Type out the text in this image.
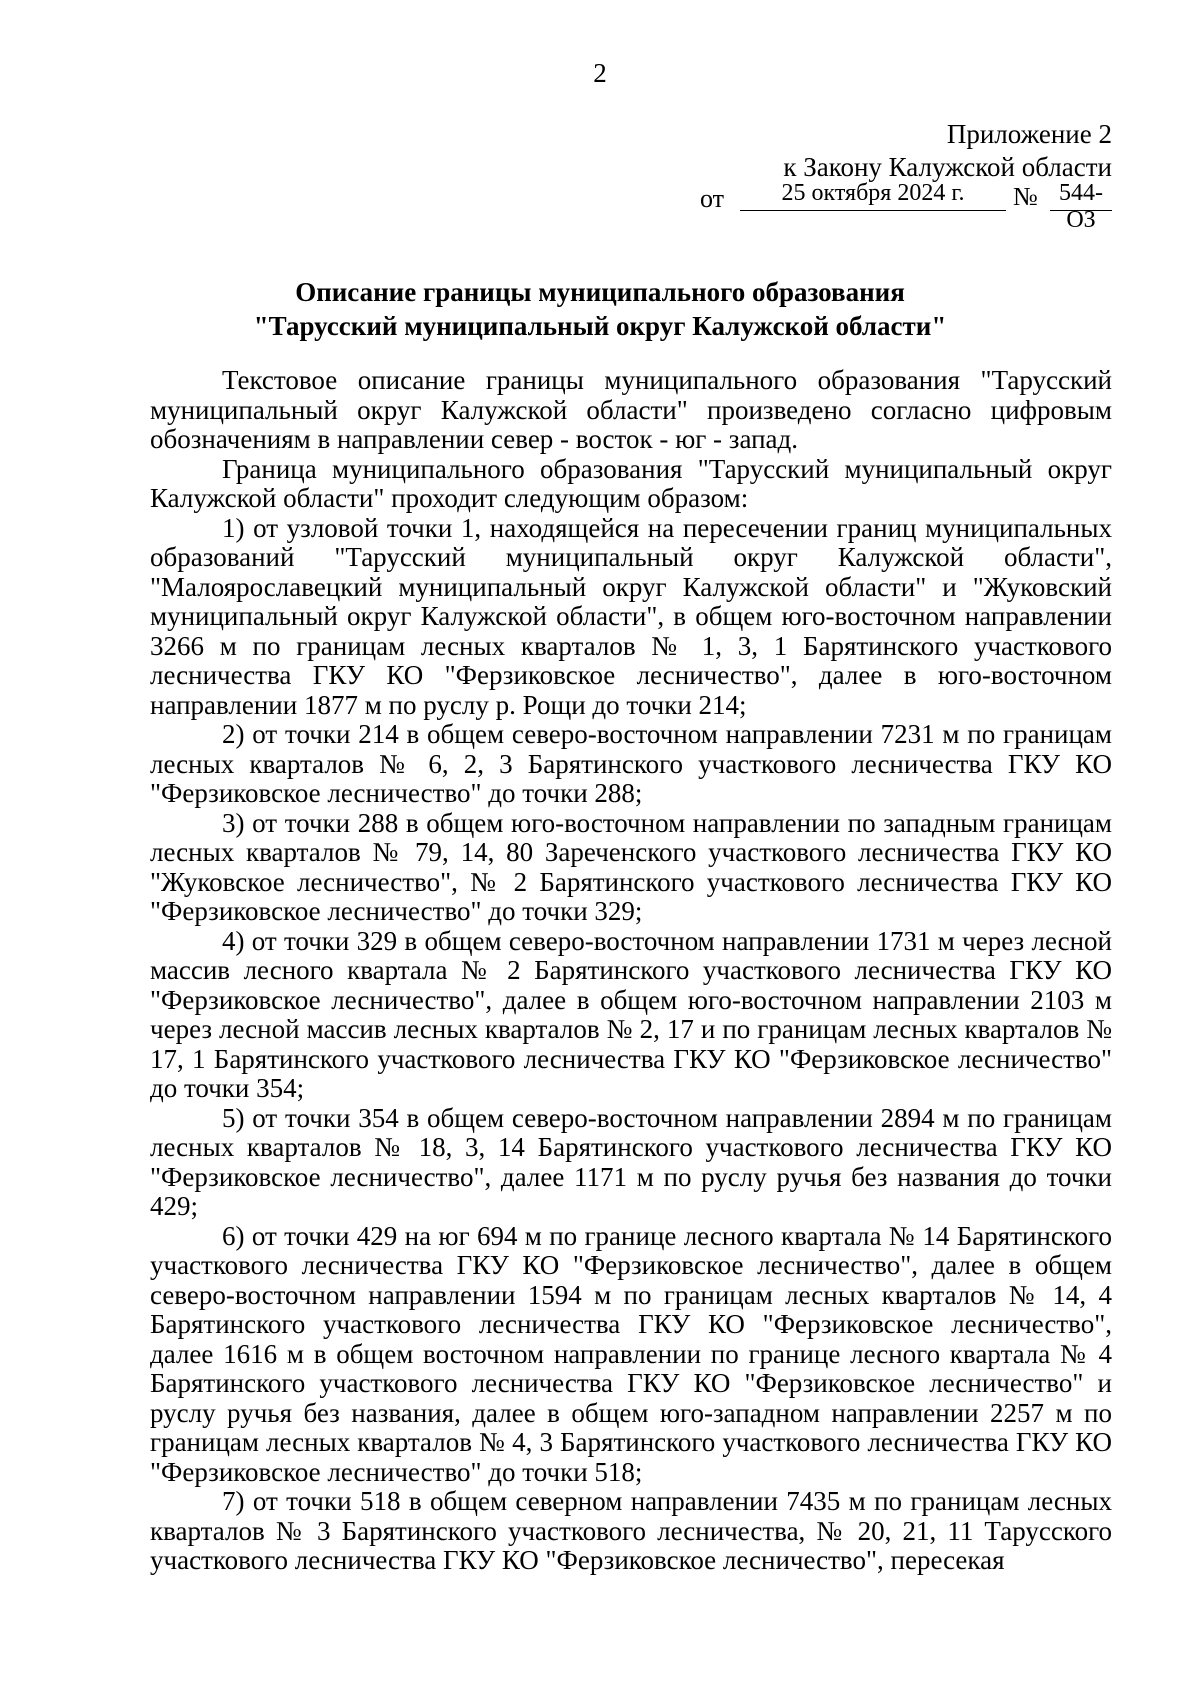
2
Приложение 2
к Закону Калужской области
от	25 октября 2024 г.	№ 544-ОЗ
Описание границы муниципального образования
"Тарусский муниципальный округ Калужской области"

Текстовое описание границы муниципального образования "Тарусский муниципальный округ Калужской области" произведено согласно цифровым обозначениям в направлении север - восток - юг - запад.

Граница муниципального образования "Тарусский муниципальный округ Калужской области" проходит следующим образом:

1) от узловой точки 1, находящейся на пересечении границ муниципальных образований "Тарусский муниципальный округ Калужской области", "Малоярославецкий муниципальный округ Калужской области" и "Жуковский муниципальный округ Калужской области", в общем юго-восточном направлении 3266 м по границам лесных кварталов № 1, 3, 1 Барятинского участкового лесничества ГКУ КО "Ферзиковское лесничество", далее в юго-восточном направлении 1877 м по руслу р. Рощи до точки 214;

2) от точки 214 в общем северо-восточном направлении 7231 м по границам лесных кварталов № 6, 2, 3 Барятинского участкового лесничества ГКУ КО "Ферзиковское лесничество" до точки 288;

3) от точки 288 в общем юго-восточном направлении по западным границам лесных кварталов № 79, 14, 80 Зареченского участкового лесничества ГКУ КО "Жуковское лесничество", № 2 Барятинского участкового лесничества ГКУ КО "Ферзиковское лесничество" до точки 329;

4) от точки 329 в общем северо-восточном направлении 1731 м через лесной массив лесного квартала № 2 Барятинского участкового лесничества ГКУ КО "Ферзиковское лесничество", далее в общем юго-восточном направлении 2103 м через лесной массив лесных кварталов № 2, 17 и по границам лесных кварталов № 17, 1 Барятинского участкового лесничества ГКУ КО "Ферзиковское лесничество" до точки 354;

5) от точки 354 в общем северо-восточном направлении 2894 м по границам лесных кварталов № 18, 3, 14 Барятинского участкового лесничества ГКУ КО "Ферзиковское лесничество", далее 1171 м по руслу ручья без названия до точки 429;

6) от точки 429 на юг 694 м по границе лесного квартала № 14 Барятинского участкового лесничества ГКУ КО "Ферзиковское лесничество", далее в общем северо-восточном направлении 1594 м по границам лесных кварталов № 14, 4 Барятинского участкового лесничества ГКУ КО "Ферзиковское лесничество", далее 1616 м в общем восточном направлении по границе лесного квартала № 4 Барятинского участкового лесничества ГКУ КО "Ферзиковское лесничество" и руслу ручья без названия, далее в общем юго-западном направлении 2257 м по границам лесных кварталов № 4, 3 Барятинского участкового лесничества ГКУ КО "Ферзиковское лесничество" до точки 518;

7) от точки 518 в общем северном направлении 7435 м по границам лесных кварталов № 3 Барятинского участкового лесничества, № 20, 21, 11 Тарусского участкового лесничества ГКУ КО "Ферзиковское лесничество", пересекая
